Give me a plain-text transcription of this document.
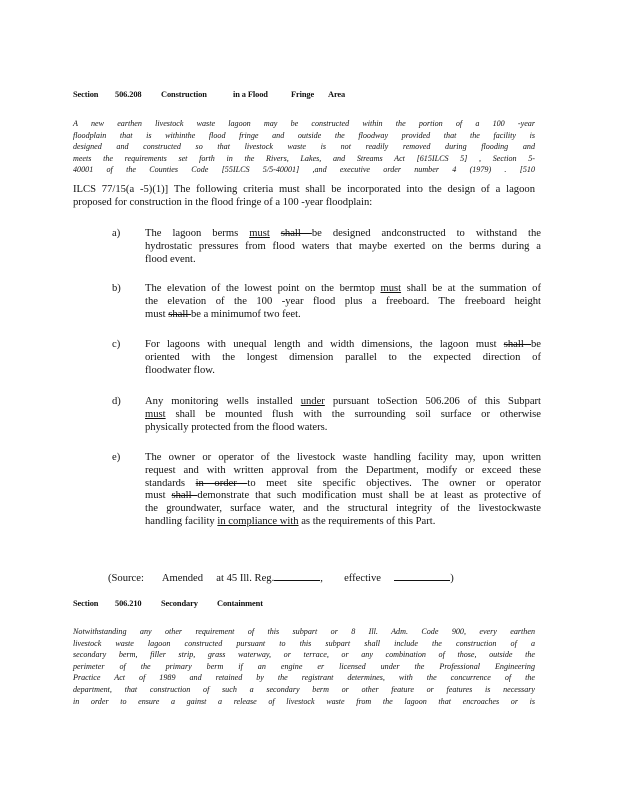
Section 506.208 Construction	in a Flood	Fringe Area
A new earthen livestock waste lagoon may be constructed within the portion of a 100 -year
floodplain that is withinthe flood fringe and outside the floodway provided that the facility is
designed and constructed so that livestock waste is not readily removed during flooding and
meets the requirements set forth in the Rivers, Lakes, and Streams Act [615ILCS 5] , Section 5-
40001 of the Counties Code [55ILCS 5/5-40001] ,and executive order number 4 (1979) . [510
ILCS 77/15(a -5)(1)] The following criteria must shall be incorporated into the design of a lagoon
proposed for construction in the flood fringe of a 100 -year floodplain:
a) The lagoon berms must shall be designed andconstructed to withstand the
hydrostatic pressures from flood waters that maybe exerted on the berms during a
flood event.
b) The elevation of the lowest point on the bermtop must shall be at the summation of
the elevation of the 100 -year flood plus a freeboard. The freeboard height
must shall be a minimumof two feet.
c) For lagoons with unequal length and width dimensions, the lagoon must shall be
oriented with the longest dimension parallel to the expected direction of
floodwater flow.
d) Any monitoring wells installed under pursuant toSection 506.206 of this Subpart
must shall be mounted flush with the surrounding soil surface or otherwise
physically protected from the flood waters.
e) The owner or operator of the livestock waste handling facility may, upon written
request and with written approval from the Department, modify or exceed these
standards in order to meet site specific objectives. The owner or operator
must shall demonstrate that such modification must shall be at least as protective of
the groundwater, surface water, and the structural integrity of the livestockwaste
handling facility in compliance with as the requirements of this Part.
(Source: Amended at 45 Ill. Reg.	,        effective	)
Section 506.210 Secondary Containment
Notwithstanding any other requirement of this subpart or 8 Ill. Adm. Code 900, every earthen
livestock waste lagoon constructed pursuant to this subpart shall include the construction of a
secondary berm, filler strip, grass waterway, or terrace, or any combination of those, outside the
perimeter of the primary berm if an engine er licensed under the Professional Engineering
Practice Act of 1989 and retained by the registrant determines, with the concurrence of the
department, that construction of such a secondary berm or other feature or features is necessary
in order to ensure a gainst a release of livestock waste from the lagoon that encroaches or is
